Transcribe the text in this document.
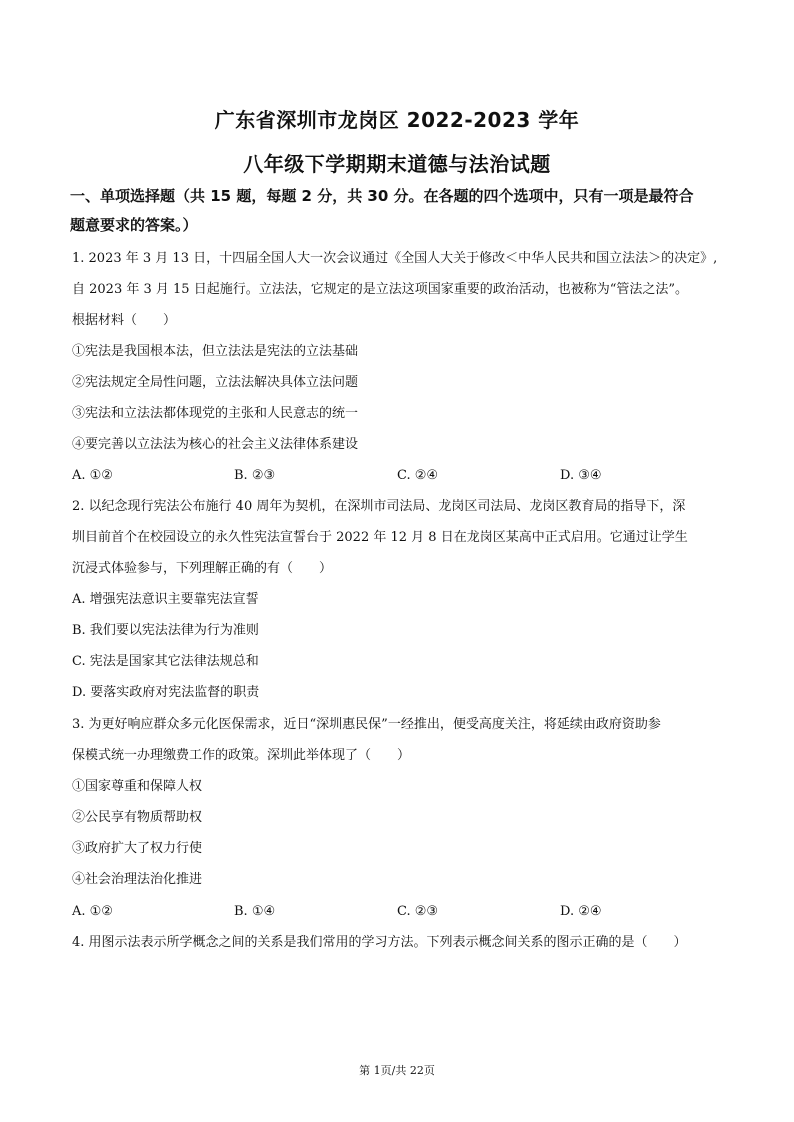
广东省深圳市龙岗区 2022-2023 学年
八年级下学期期末道德与法治试题
一、单项选择题（共 15 题，每题 2 分，共 30 分。在各题的四个选项中，只有一项是最符合
题意要求的答案。）
1. 2023 年 3 月 13 日，十四届全国人大一次会议通过《全国人大关于修改＜中华人民共和国立法法＞的决定》,
自 2023 年 3 月 15 日起施行。立法法，它规定的是立法这项国家重要的政治活动，也被称为“管法之法”。
根据材料（　　）
①宪法是我国根本法，但立法法是宪法的立法基础
②宪法规定全局性问题，立法法解决具体立法问题
③宪法和立法法都体现党的主张和人民意志的统一
④要完善以立法法为核心的社会主义法律体系建设
A. ①②	B. ②③	C. ②④	D. ③④
2. 以纪念现行宪法公布施行 40 周年为契机，在深圳市司法局、龙岗区司法局、龙岗区教育局的指导下，深
圳目前首个在校园设立的永久性宪法宣誓台于 2022 年 12 月 8 日在龙岗区某高中正式启用。它通过让学生
沉浸式体验参与，下列理解正确的有（　　）
A. 增强宪法意识主要靠宪法宣誓
B. 我们要以宪法法律为行为准则
C. 宪法是国家其它法律法规总和
D. 要落实政府对宪法监督的职责
3. 为更好响应群众多元化医保需求，近日“深圳惠民保”一经推出，便受高度关注，将延续由政府资助参
保模式统一办理缴费工作的政策。深圳此举体现了（　　）
①国家尊重和保障人权
②公民享有物质帮助权
③政府扩大了权力行使
④社会治理法治化推进
A. ①②	B. ①④	C. ②③	D. ②④
4. 用图示法表示所学概念之间的关系是我们常用的学习方法。下列表示概念间关系的图示正确的是（　　）
第 1页/共 22页
